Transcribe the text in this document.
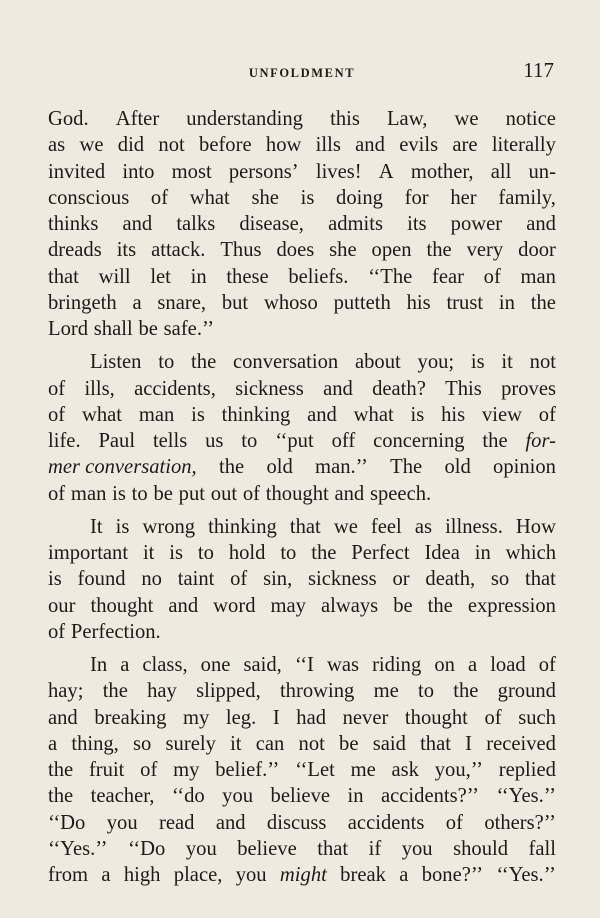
UNFOLDMENT	117
God. After understanding this Law, we notice
as we did not before how ills and evils are literally
invited into most persons’ lives! A mother, all un-
conscious of what she is doing for her family,
thinks and talks disease, admits its power and
dreads its attack. Thus does she open the very door
that will let in these beliefs. ‘‘The fear of man
bringeth a snare, but whoso putteth his trust in the
Lord shall be safe.’’
Listen to the conversation about you; is it not
of ills, accidents, sickness and death? This proves
of what man is thinking and what is his view of
life. Paul tells us to ‘‘put off concerning the for-
mer conversation, the old man.’’ The old opinion
of man is to be put out of thought and speech.
It is wrong thinking that we feel as illness. How
important it is to hold to the Perfect Idea in which
is found no taint of sin, sickness or death, so that
our thought and word may always be the expression
of Perfection.
In a class, one said, ‘‘I was riding on a load of
hay; the hay slipped, throwing me to the ground
and breaking my leg. I had never thought of such
a thing, so surely it can not be said that I received
the fruit of my belief.’’ ‘‘Let me ask you,’’ replied
the teacher, ‘‘do you believe in accidents?’’ ‘‘Yes.’’
‘‘Do you read and discuss accidents of others?’’
‘‘Yes.’’ ‘‘Do you believe that if you should fall
from a high place, you might break a bone?’’ ‘‘Yes.’’
